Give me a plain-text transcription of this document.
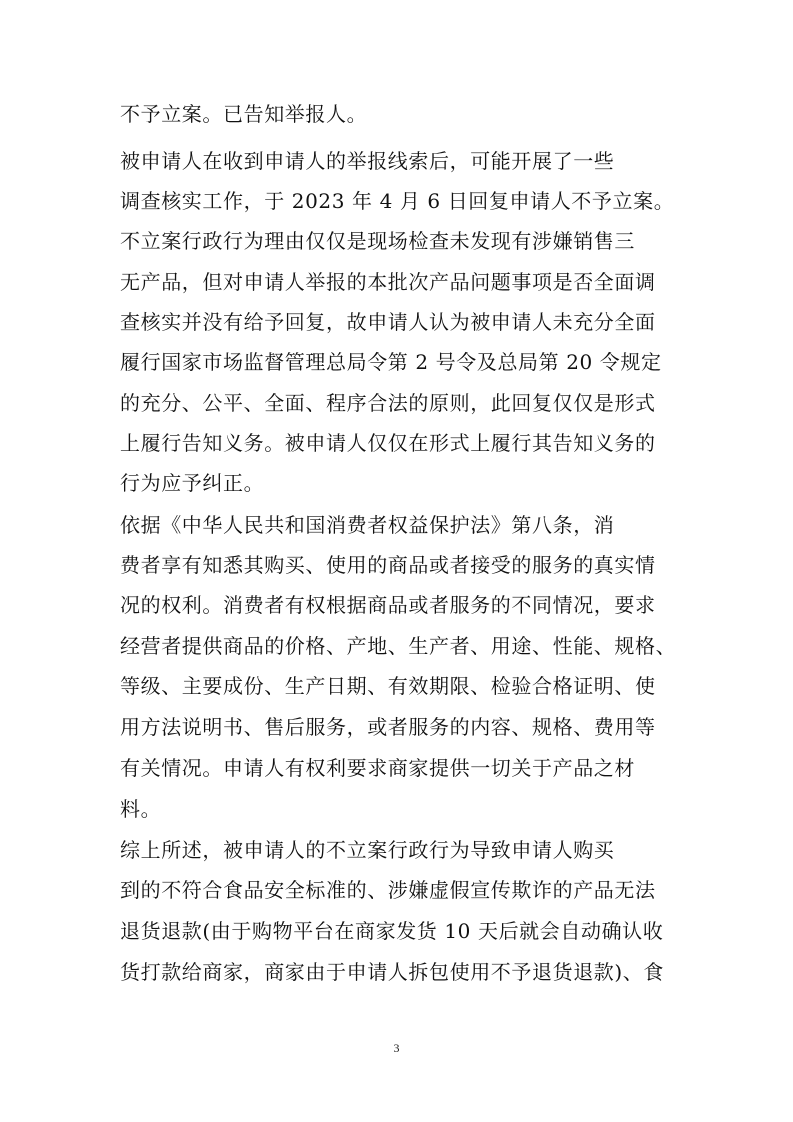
不予立案。已告知举报人。
被申请人在收到申请人的举报线索后，可能开展了一些
调查核实工作，于 2023 年 4 月 6 日回复申请人不予立案。
不立案行政行为理由仅仅是现场检查未发现有涉嫌销售三
无产品，但对申请人举报的本批次产品问题事项是否全面调
查核实并没有给予回复，故申请人认为被申请人未充分全面
履行国家市场监督管理总局令第 2 号令及总局第 20 令规定
的充分、公平、全面、程序合法的原则，此回复仅仅是形式
上履行告知义务。被申请人仅仅在形式上履行其告知义务的
行为应予纠正。
依据《中华人民共和国消费者权益保护法》第八条，消
费者享有知悉其购买、使用的商品或者接受的服务的真实情
况的权利。消费者有权根据商品或者服务的不同情况，要求
经营者提供商品的价格、产地、生产者、用途、性能、规格、
等级、主要成份、生产日期、有效期限、检验合格证明、使
用方法说明书、售后服务，或者服务的内容、规格、费用等
有关情况。申请人有权利要求商家提供一切关于产品之材
料。
综上所述，被申请人的不立案行政行为导致申请人购买
到的不符合食品安全标准的、涉嫌虚假宣传欺诈的产品无法
退货退款(由于购物平台在商家发货 10 天后就会自动确认收
货打款给商家，商家由于申请人拆包使用不予退货退款)、食
3
